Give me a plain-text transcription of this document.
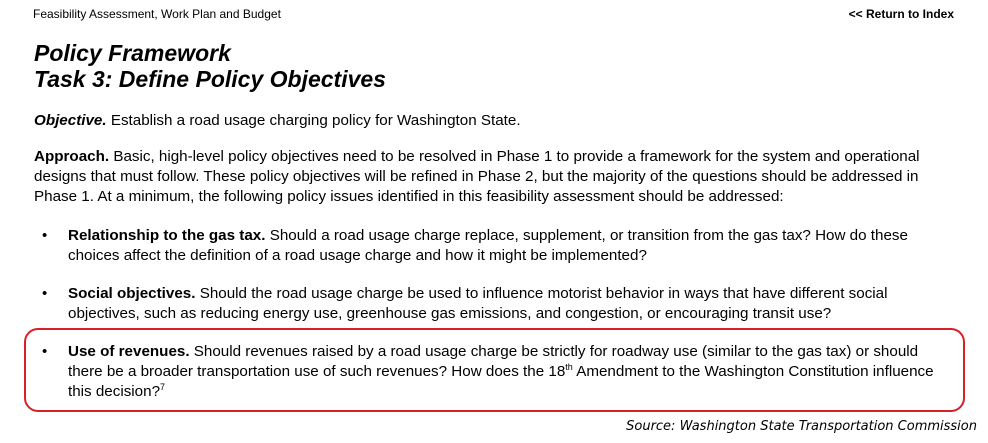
Feasibility Assessment, Work Plan and Budget	<< Return to Index
Policy Framework
Task 3: Define Policy Objectives

Objective. Establish a road usage charging policy for Washington State.

Approach. Basic, high-level policy objectives need to be resolved in Phase 1 to provide a framework for the system and operational designs that must follow. These policy objectives will be refined in Phase 2, but the majority of the questions should be addressed in Phase 1. At a minimum, the following policy issues identified in this feasibility assessment should be addressed:

• Relationship to the gas tax. Should a road usage charge replace, supplement, or transition from the gas tax? How do these choices affect the definition of a road usage charge and how it might be implemented?

• Social objectives. Should the road usage charge be used to influence motorist behavior in ways that have different social objectives, such as reducing energy use, greenhouse gas emissions, and congestion, or encouraging transit use?

• Use of revenues. Should revenues raised by a road usage charge be strictly for roadway use (similar to the gas tax) or should there be a broader transportation use of such revenues? How does the 18th Amendment to the Washington Constitution influence this decision?$^7$

Source: Washington State Transportation Commission
